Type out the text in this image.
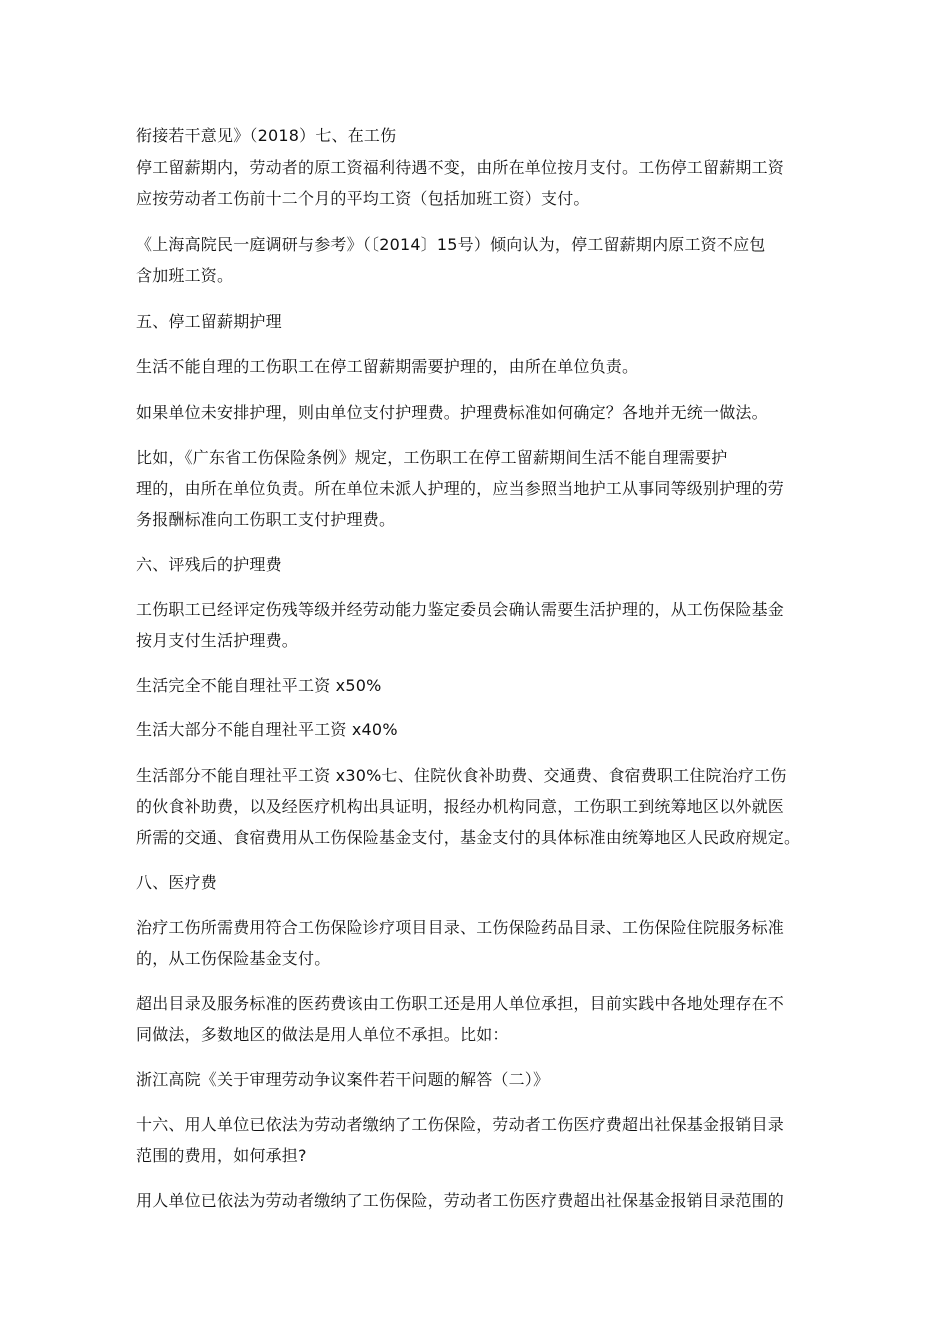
衔接若干意见》（2018）七、在工伤
停工留薪期内，劳动者的原工资福利待遇不变，由所在单位按月支付。工伤停工留薪期工资
应按劳动者工伤前十二个月的平均工资（包括加班工资）支付。
《上海高院民一庭调研与参考》（〔2014〕15号）倾向认为，停工留薪期内原工资不应包
含加班工资。
五、停工留薪期护理
生活不能自理的工伤职工在停工留薪期需要护理的，由所在单位负责。
如果单位未安排护理，则由单位支付护理费。护理费标准如何确定？各地并无统一做法。
比如，《广东省工伤保险条例》规定，工伤职工在停工留薪期间生活不能自理需要护
理的，由所在单位负责。所在单位未派人护理的，应当参照当地护工从事同等级别护理的劳
务报酬标准向工伤职工支付护理费。
六、评残后的护理费
工伤职工已经评定伤残等级并经劳动能力鉴定委员会确认需要生活护理的，从工伤保险基金
按月支付生活护理费。
生活完全不能自理社平工资 x50%
生活大部分不能自理社平工资 x40%
生活部分不能自理社平工资 x30%七、住院伙食补助费、交通费、食宿费职工住院治疗工伤
的伙食补助费，以及经医疗机构出具证明，报经办机构同意，工伤职工到统筹地区以外就医
所需的交通、食宿费用从工伤保险基金支付，基金支付的具体标准由统筹地区人民政府规定。
八、医疗费
治疗工伤所需费用符合工伤保险诊疗项目目录、工伤保险药品目录、工伤保险住院服务标准
的，从工伤保险基金支付。
超出目录及服务标准的医药费该由工伤职工还是用人单位承担，目前实践中各地处理存在不
同做法，多数地区的做法是用人单位不承担。比如：
浙江高院《关于审理劳动争议案件若干问题的解答（二）》
十六、用人单位已依法为劳动者缴纳了工伤保险，劳动者工伤医疗费超出社保基金报销目录
范围的费用，如何承担?
用人单位已依法为劳动者缴纳了工伤保险，劳动者工伤医疗费超出社保基金报销目录范围的
